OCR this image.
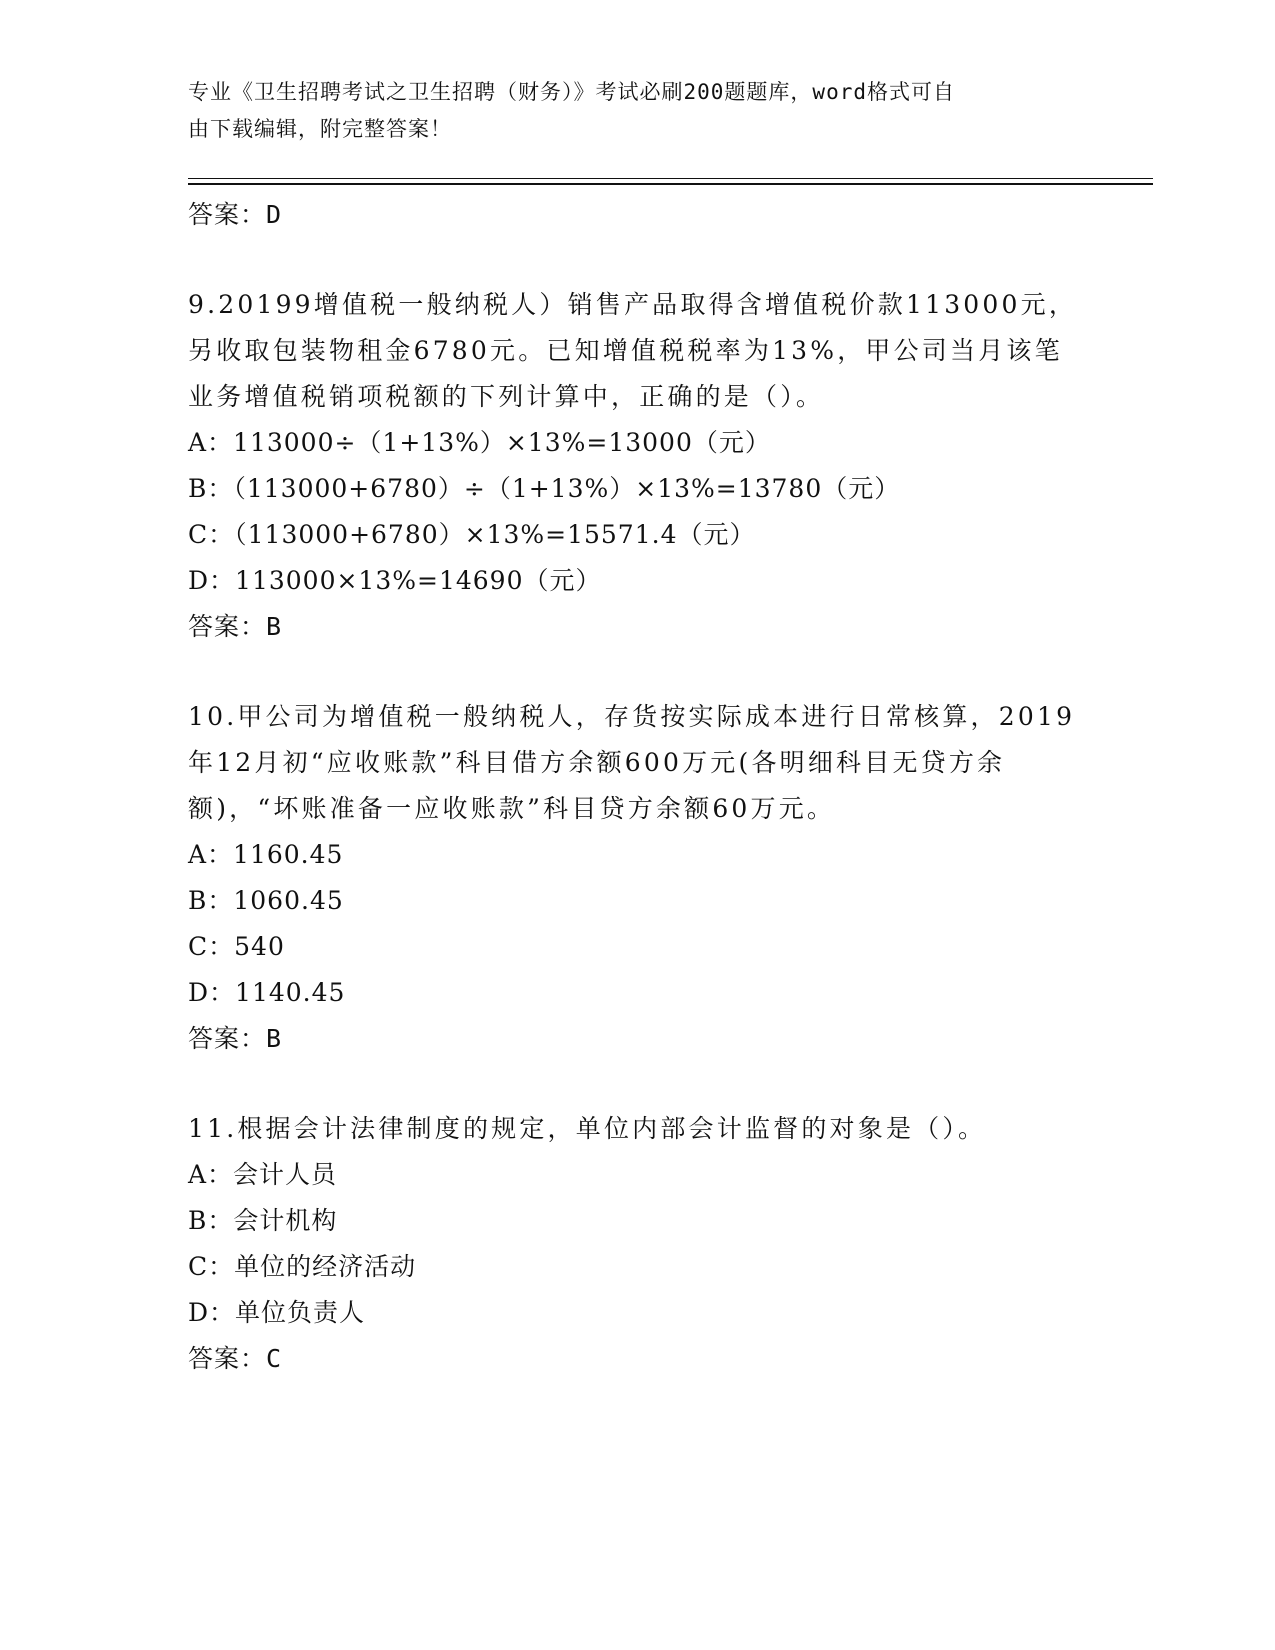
专业《卫生招聘考试之卫生招聘（财务）》考试必刷200题题库，word格式可自
由下载编辑，附完整答案！
答案：D
9.20199增值税一般纳税人）销售产品取得含增值税价款113000元，
另收取包装物租金6780元。已知增值税税率为13%，甲公司当月该笔
业务增值税销项税额的下列计算中，正确的是（）。
A：113000÷（1+13%）×13%=13000（元）
B：（113000+6780）÷（1+13%）×13%=13780（元）
C：（113000+6780）×13%=15571.4（元）
D：113000×13%=14690（元）
答案：B
10.甲公司为增值税一般纳税人，存货按实际成本进行日常核算，2019
年12月初“应收账款”科目借方余额600万元(各明细科目无贷方余
额)，“坏账准备一应收账款”科目贷方余额60万元。
A：1160.45
B：1060.45
C：540
D：1140.45
答案：B
11.根据会计法律制度的规定，单位内部会计监督的对象是（）。
A：会计人员
B：会计机构
C：单位的经济活动
D：单位负责人
答案：C
